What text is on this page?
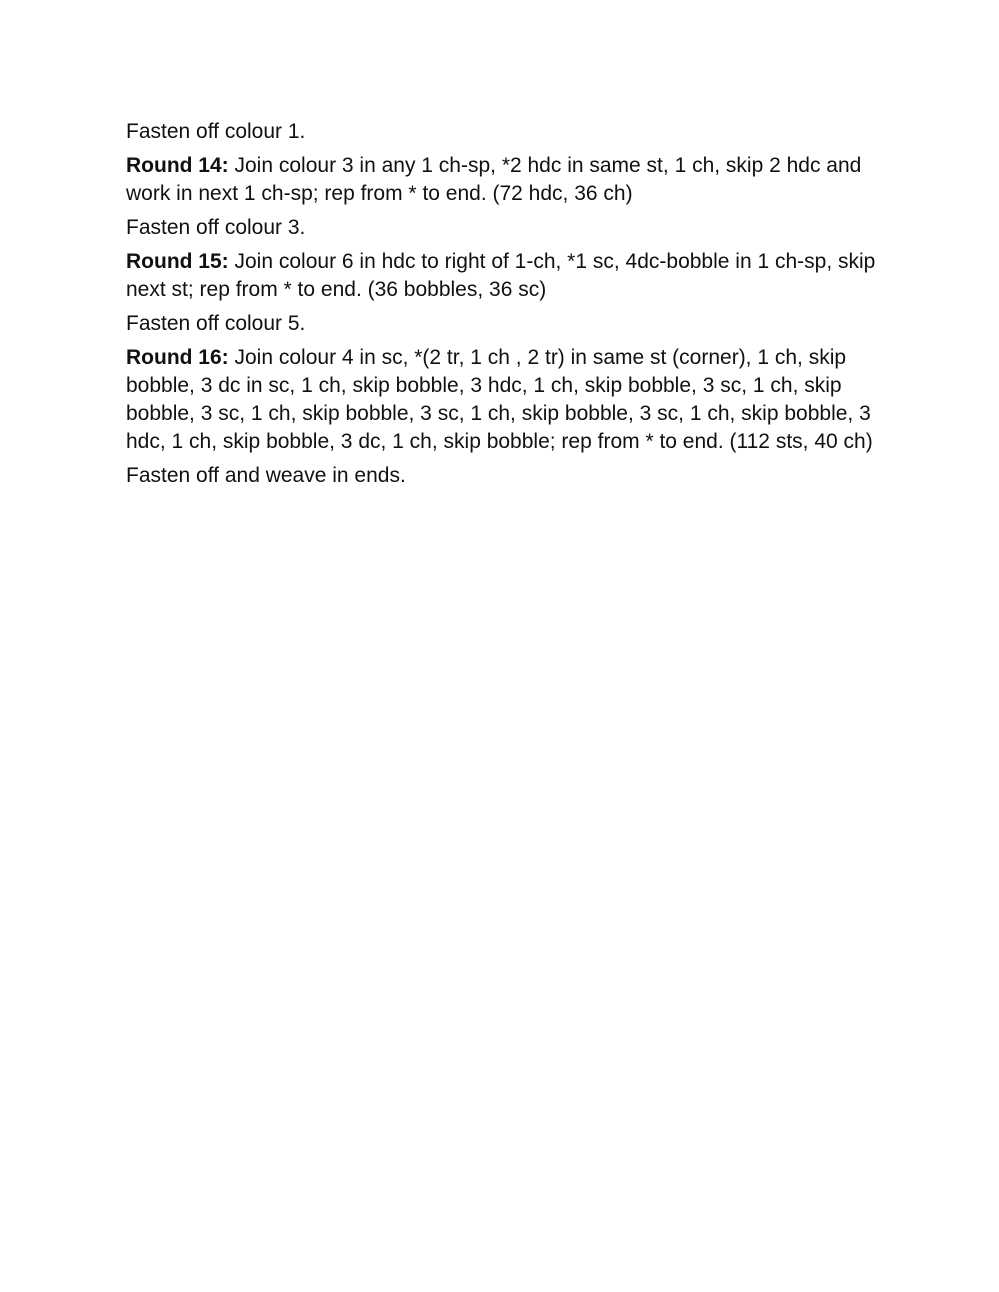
Fasten off colour 1.

Round 14: Join colour 3 in any 1 ch-sp, *2 hdc in same st, 1 ch, skip 2 hdc and work in next 1 ch-sp; rep from * to end. (72 hdc, 36 ch)

Fasten off colour 3.

Round 15: Join colour 6 in hdc to right of 1-ch, *1 sc, 4dc-bobble in 1 ch-sp, skip next st; rep from * to end. (36 bobbles, 36 sc)

Fasten off colour 5.

Round 16: Join colour 4 in sc, *(2 tr, 1 ch , 2 tr) in same st (corner), 1 ch, skip bobble, 3 dc in sc, 1 ch, skip bobble, 3 hdc, 1 ch, skip bobble, 3 sc, 1 ch, skip bobble, 3 sc, 1 ch, skip bobble, 3 sc, 1 ch, skip bobble, 3 sc, 1 ch, skip bobble, 3 hdc, 1 ch, skip bobble, 3 dc, 1 ch, skip bobble; rep from * to end. (112 sts, 40 ch)

Fasten off and weave in ends.
